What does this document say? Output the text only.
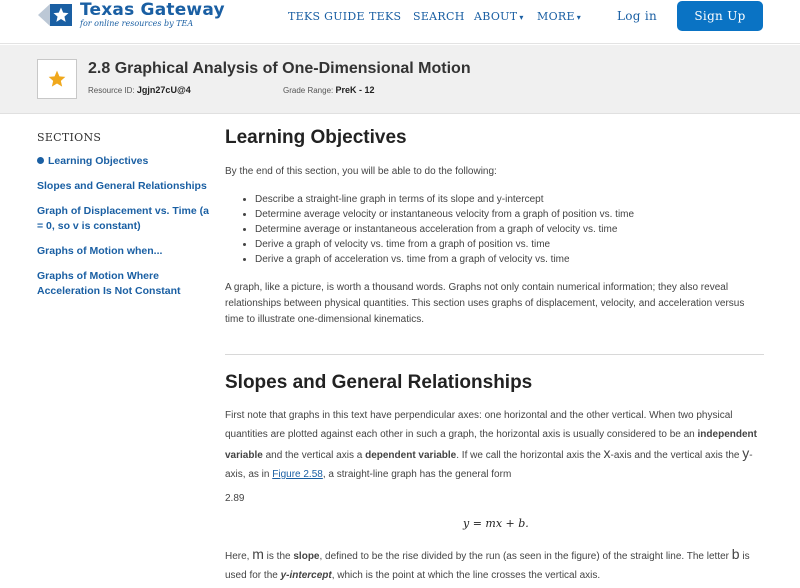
Texas Gateway
for online resources by TEA
TEKS GUIDE TEKS SEARCH ABOUT ▾ MORE ▾	Log in	Sign Up
2.8 Graphical Analysis of One-Dimensional Motion
Resource ID: Jgjn27cU@4	Grade Range: PreK - 12
SECTIONS
Learning Objectives
Slopes and General Relationships
Graph of Displacement vs. Time (a = 0, so v is constant)
Graphs of Motion when...
Graphs of Motion Where Acceleration Is Not Constant
Learning Objectives
By the end of this section, you will be able to do the following:
• Describe a straight-line graph in terms of its slope and y-intercept
• Determine average velocity or instantaneous velocity from a graph of position vs. time
• Determine average or instantaneous acceleration from a graph of velocity vs. time
• Derive a graph of velocity vs. time from a graph of position vs. time
• Derive a graph of acceleration vs. time from a graph of velocity vs. time
A graph, like a picture, is worth a thousand words. Graphs not only contain numerical information; they also reveal relationships between physical quantities. This section uses graphs of displacement, velocity, and acceleration versus time to illustrate one-dimensional kinematics.
Slopes and General Relationships
First note that graphs in this text have perpendicular axes: one horizontal and the other vertical. When two physical quantities are plotted against each other in such a graph, the horizontal axis is usually considered to be an independent variable and the vertical axis a dependent variable. If we call the horizontal axis the x-axis and the vertical axis the y-axis, as in Figure 2.58, a straight-line graph has the general form
2.89
y = mx + b.
Here, m is the slope, defined to be the rise divided by the run (as seen in the figure) of the straight line. The letter b is used for the y-intercept, which is the point at which the line crosses the vertical axis.
